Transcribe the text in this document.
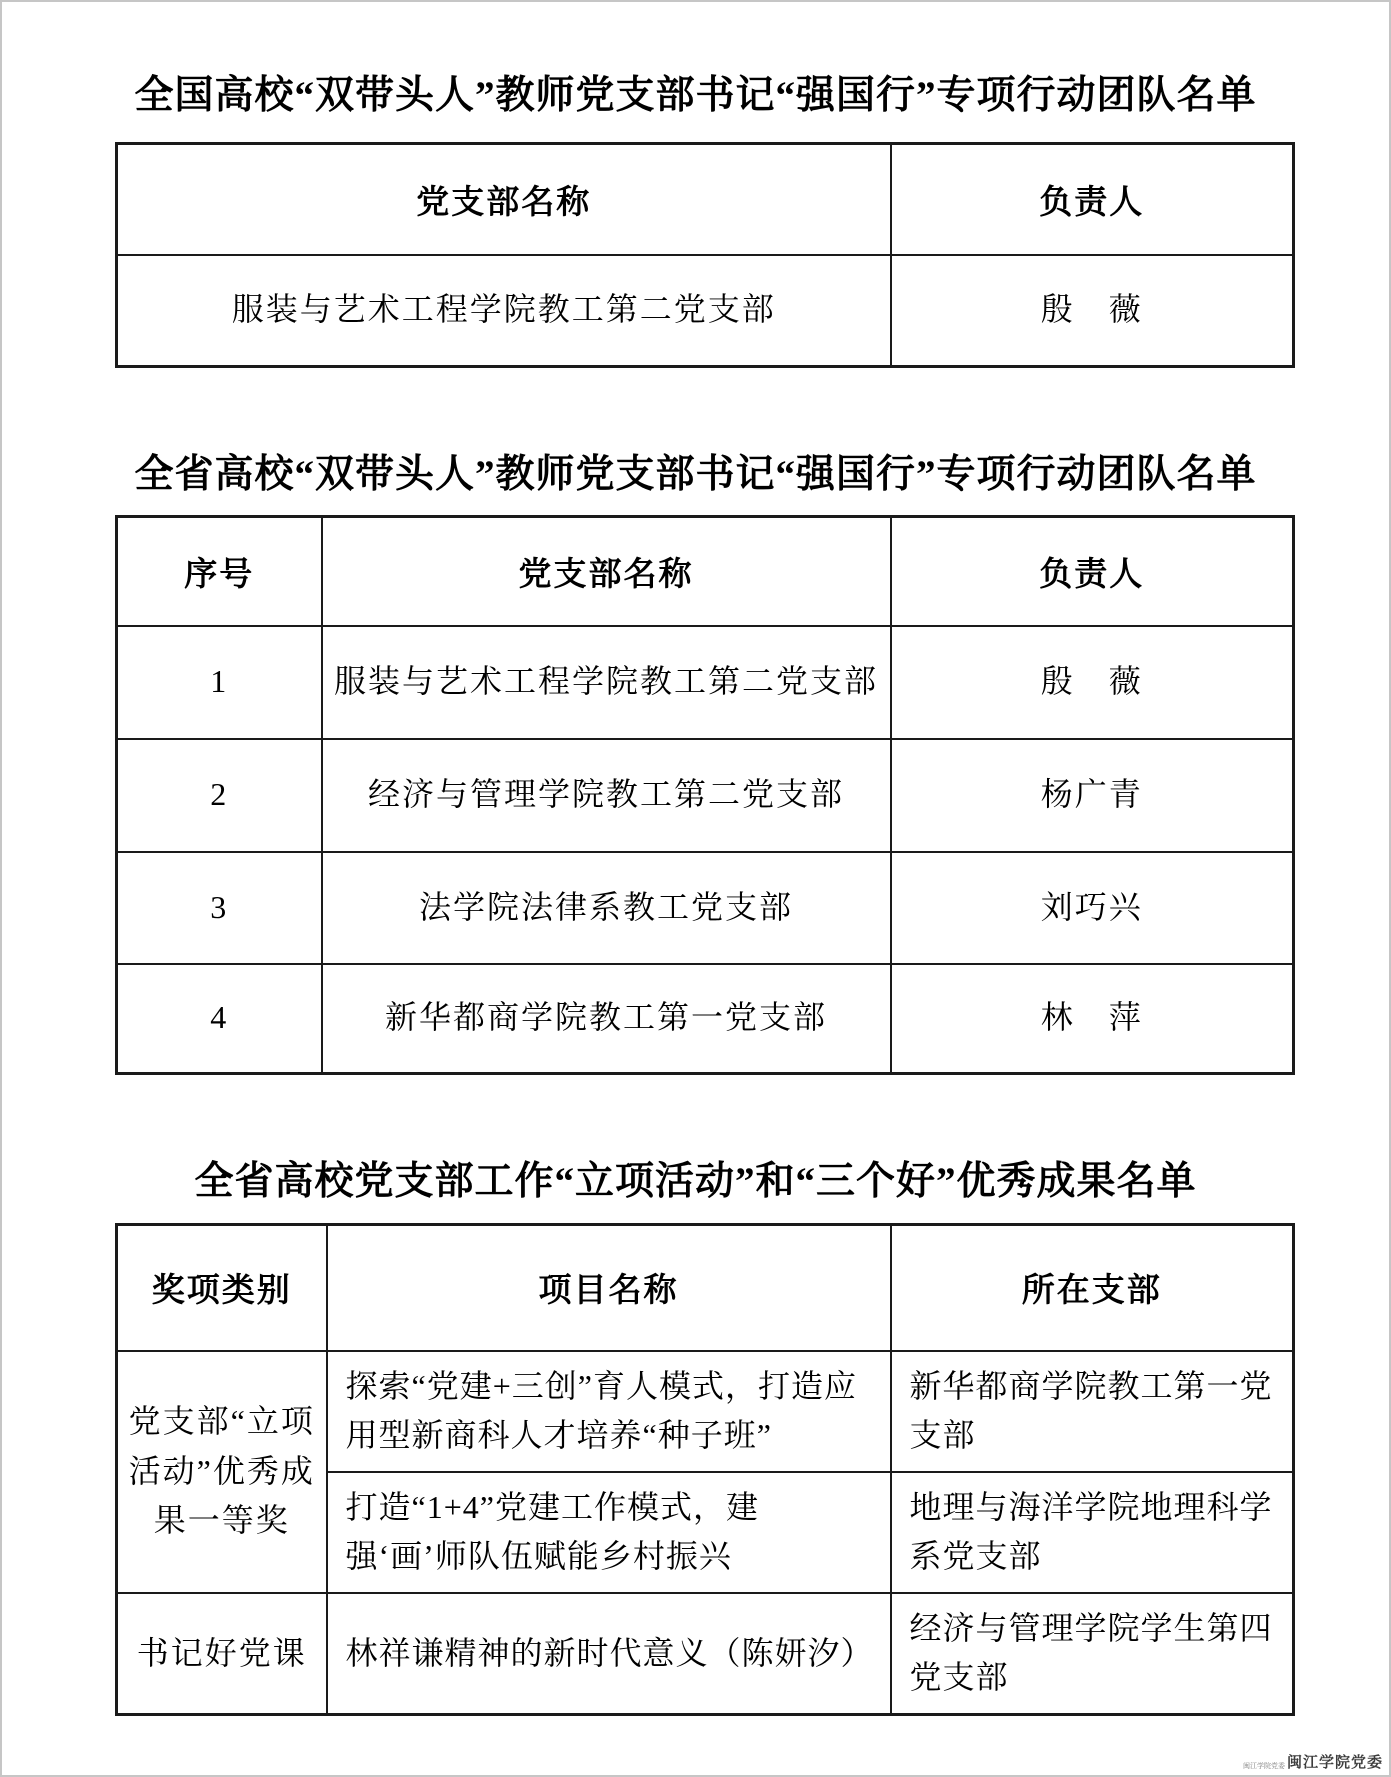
全国高校“双带头人”教师党支部书记“强国行”专项行动团队名单
党支部名称	负责人
服装与艺术工程学院教工第二党支部	殷　薇
全省高校“双带头人”教师党支部书记“强国行”专项行动团队名单
序号	党支部名称	负责人
1	服装与艺术工程学院教工第二党支部	殷　薇
2	经济与管理学院教工第二党支部	杨广青
3	法学院法律系教工党支部	刘巧兴
4	新华都商学院教工第一党支部	林　萍
全省高校党支部工作“立项活动”和“三个好”优秀成果名单
奖项类别	项目名称	所在支部
党支部“立项活动”优秀成果一等奖	探索“党建+三创”育人模式，打造应用型新商科人才培养“种子班”	新华都商学院教工第一党支部
	打造“1+4”党建工作模式，建强‘画’师队伍赋能乡村振兴	地理与海洋学院地理科学系党支部
书记好党课	林祥谦精神的新时代意义（陈妍汐）	经济与管理学院学生第四党支部
闽江学院党委 闽江学院党委
